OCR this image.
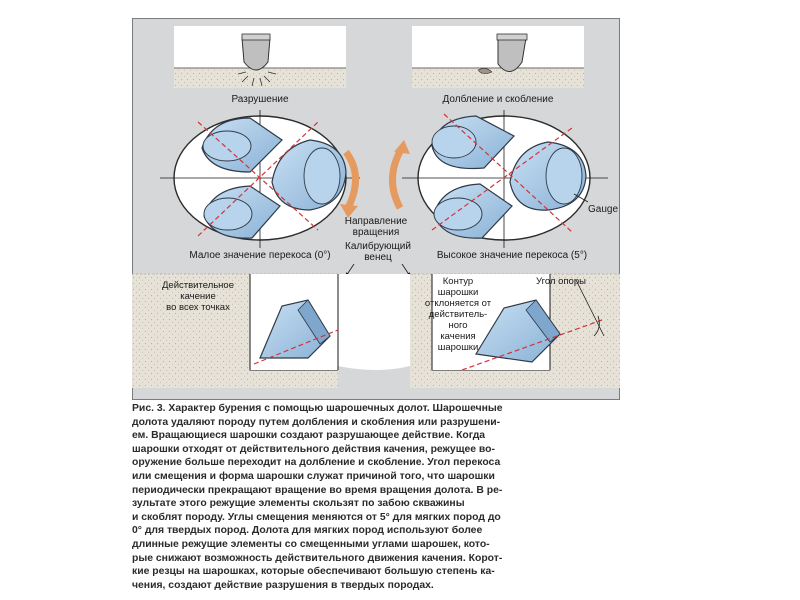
Разрушение	Долбление и скобление
Gauge
Направление
вращения
Малое значение перекоса (0°)	Высокое значение перекоса (5°)
Калибрующий
венец
Действительное
качение
во всех точках
Контур
шарошки
отклоняется от
действитель-
ного
качения
шарошки
Угол опоры
Рис. 3. Характер бурения с помощью шарошечных долот. Шарошечные
долота удаляют породу путем долбления и скобления или разрушени-
ем. Вращающиеся шарошки создают разрушающее действие. Когда
шарошки отходят от действительного действия качения, режущее во-
оружение больше переходит на долбление и скобление. Угол перекоса
или смещения и форма шарошки служат причиной того, что шарошки
периодически прекращают вращение во время вращения долота. В ре-
зультате этого режущие элементы скользят по забою скважины
и скоблят породу. Углы смещения меняются от 5° для мягких пород до
0° для твердых пород. Долота для мягких пород используют более
длинные режущие элементы со смещенными углами шарошек, кото-
рые снижают возможность действительного движения качения. Корот-
кие резцы на шарошках, которые обеспечивают большую степень ка-
чения, создают действие разрушения в твердых породах.
